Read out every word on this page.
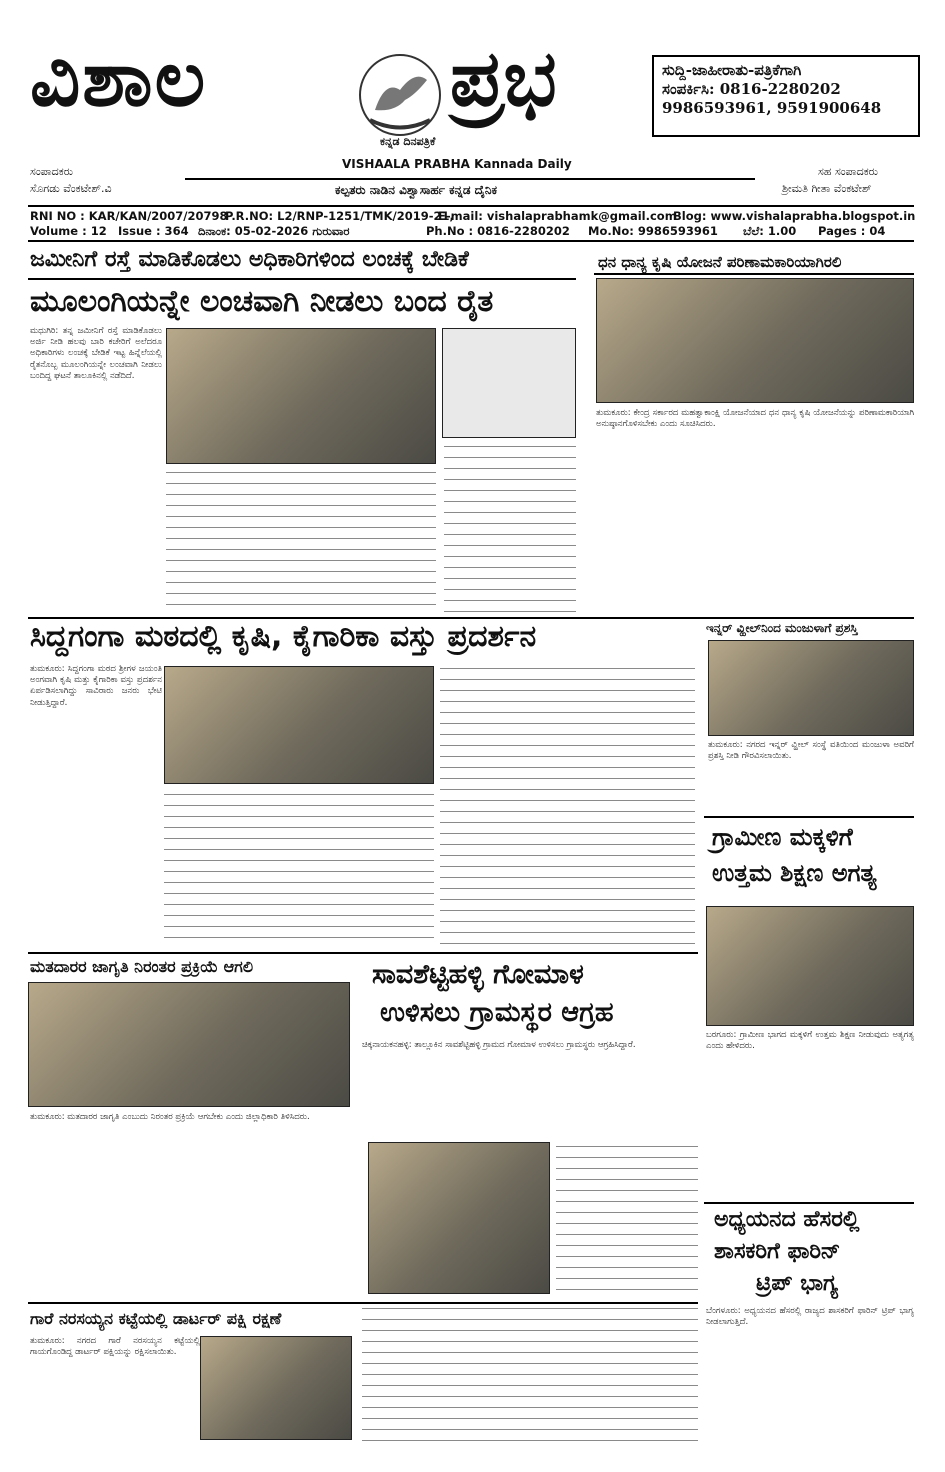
ವಿಶಾಲ	ಪ್ರಭ	ಸುದ್ದಿ-ಜಾಹೀರಾತು-ಪತ್ರಿಕೆಗಾಗಿ
ಸಂಪರ್ಕಿಸಿ: 0816-2280202
9986593961, 9591900648
ಕನ್ನಡ ದಿನಪತ್ರಿಕೆ
VISHAALA PRABHA Kannada Daily
ಕಲ್ಪತರು ನಾಡಿನ ವಿಶ್ವಾಸಾರ್ಹ ಕನ್ನಡ ದೈನಿಕ
ಸಂಪಾದಕರು
ಸೊಗಡು ವೆಂಕಟೇಶ್.ವಿ
ಸಹ ಸಂಪಾದಕರು
ಶ್ರೀಮತಿ ಗೀತಾ ವೆಂಕಟೇಶ್
RNI NO : KAR/KAN/2007/20798
P.R.NO: L2/RNP-1251/TMK/2019-21,
E-mail: vishalaprabhamk@gmail.com
Blog: www.vishalaprabha.blogspot.in
Volume : 12 Issue : 364 ದಿನಾಂಕ: 05-02-2026 ಗುರುವಾರ	Ph.No : 0816-2280202 Mo.No: 9986593961 ಬೆಲೆ: 1.00 Pages : 04
ಜಮೀನಿಗೆ ರಸ್ತೆ ಮಾಡಿಕೊಡಲು ಅಧಿಕಾರಿಗಳಿಂದ ಲಂಚಕ್ಕೆ ಬೇಡಿಕೆ
ಮೂಲಂಗಿಯನ್ನೇ ಲಂಚವಾಗಿ ನೀಡಲು ಬಂದ ರೈತ
ಮಧುಗಿರಿ: ತನ್ನ ಜಮೀನಿಗೆ ರಸ್ತೆ ಮಾಡಿಕೊಡಲು ಅರ್ಜಿ ನೀಡಿ ಹಲವು ಬಾರಿ ಕಚೇರಿಗೆ ಅಲೆದರೂ ಅಧಿಕಾರಿಗಳು ಲಂಚಕ್ಕೆ ಬೇಡಿಕೆ ಇಟ್ಟ ಹಿನ್ನೆಲೆಯಲ್ಲಿ ರೈತನೊಬ್ಬ ಮೂಲಂಗಿಯನ್ನೇ ಲಂಚವಾಗಿ ನೀಡಲು ಬಂದಿದ್ದ ಘಟನೆ ತಾಲೂಕಿನಲ್ಲಿ ನಡೆದಿದೆ.
ಧನ ಧಾನ್ಯ ಕೃಷಿ ಯೋಜನೆ ಪರಿಣಾಮಕಾರಿಯಾಗಿರಲಿ
ತುಮಕೂರು: ಕೇಂದ್ರ ಸರ್ಕಾರದ ಮಹತ್ವಾಕಾಂಕ್ಷಿ ಯೋಜನೆಯಾದ ಧನ ಧಾನ್ಯ ಕೃಷಿ ಯೋಜನೆಯನ್ನು ಪರಿಣಾಮಕಾರಿಯಾಗಿ ಅನುಷ್ಠಾನಗೊಳಿಸಬೇಕು ಎಂದು ಸೂಚಿಸಿದರು.
ಸಿದ್ದಗಂಗಾ ಮಠದಲ್ಲಿ ಕೃಷಿ, ಕೈಗಾರಿಕಾ ವಸ್ತು ಪ್ರದರ್ಶನ
ತುಮಕೂರು: ಸಿದ್ದಗಂಗಾ ಮಠದ ಶ್ರೀಗಳ ಜಯಂತಿ ಅಂಗವಾಗಿ ಕೃಷಿ ಮತ್ತು ಕೈಗಾರಿಕಾ ವಸ್ತು ಪ್ರದರ್ಶನ ಏರ್ಪಡಿಸಲಾಗಿದ್ದು ಸಾವಿರಾರು ಜನರು ಭೇಟಿ ನೀಡುತ್ತಿದ್ದಾರೆ.
ಇನ್ನರ್ ವ್ಹೀಲ್‌ನಿಂದ ಮಂಜುಳಾಗೆ ಪ್ರಶಸ್ತಿ
ತುಮಕೂರು: ನಗರದ ಇನ್ನರ್ ವ್ಹೀಲ್ ಸಂಸ್ಥೆ ವತಿಯಿಂದ ಮಂಜುಳಾ ಅವರಿಗೆ ಪ್ರಶಸ್ತಿ ನೀಡಿ ಗೌರವಿಸಲಾಯಿತು.
ಗ್ರಾಮೀಣ ಮಕ್ಕಳಿಗೆ
ಉತ್ತಮ ಶಿಕ್ಷಣ ಅಗತ್ಯ
ಬರಗೂರು: ಗ್ರಾಮೀಣ ಭಾಗದ ಮಕ್ಕಳಿಗೆ ಉತ್ತಮ ಶಿಕ್ಷಣ ನೀಡುವುದು ಅತ್ಯಗತ್ಯ ಎಂದು ಹೇಳಿದರು.
ಮತದಾರರ ಜಾಗೃತಿ ನಿರಂತರ ಪ್ರಕ್ರಿಯೆ ಆಗಲಿ
ತುಮಕೂರು: ಮತದಾರರ ಜಾಗೃತಿ ಎಂಬುದು ನಿರಂತರ ಪ್ರಕ್ರಿಯೆ ಆಗಬೇಕು ಎಂದು ಜಿಲ್ಲಾಧಿಕಾರಿ ತಿಳಿಸಿದರು.
ಸಾವಶೆಟ್ಟಿಹಳ್ಳಿ ಗೋಮಾಳ
ಉಳಿಸಲು ಗ್ರಾಮಸ್ಥರ ಆಗ್ರಹ
ಚಿಕ್ಕನಾಯಕನಹಳ್ಳಿ: ತಾಲ್ಲೂಕಿನ ಸಾವಶೆಟ್ಟಿಹಳ್ಳಿ ಗ್ರಾಮದ ಗೋಮಾಳ ಉಳಿಸಲು ಗ್ರಾಮಸ್ಥರು ಆಗ್ರಹಿಸಿದ್ದಾರೆ.
ಅಧ್ಯಯನದ ಹೆಸರಲ್ಲಿ
ಶಾಸಕರಿಗೆ ಫಾರಿನ್
ಟ್ರಿಪ್ ಭಾಗ್ಯ
ಬೆಂಗಳೂರು: ಅಧ್ಯಯನದ ಹೆಸರಲ್ಲಿ ರಾಜ್ಯದ ಶಾಸಕರಿಗೆ ಫಾರಿನ್ ಟ್ರಿಪ್ ಭಾಗ್ಯ ನೀಡಲಾಗುತ್ತಿದೆ.
ಗಾರೆ ನರಸಯ್ಯನ ಕಟ್ಟೆಯಲ್ಲಿ ಡಾರ್ಟರ್ ಪಕ್ಷಿ ರಕ್ಷಣೆ
ತುಮಕೂರು: ನಗರದ ಗಾರೆ ನರಸಯ್ಯನ ಕಟ್ಟೆಯಲ್ಲಿ ಗಾಯಗೊಂಡಿದ್ದ ಡಾರ್ಟರ್ ಪಕ್ಷಿಯನ್ನು ರಕ್ಷಿಸಲಾಯಿತು.
